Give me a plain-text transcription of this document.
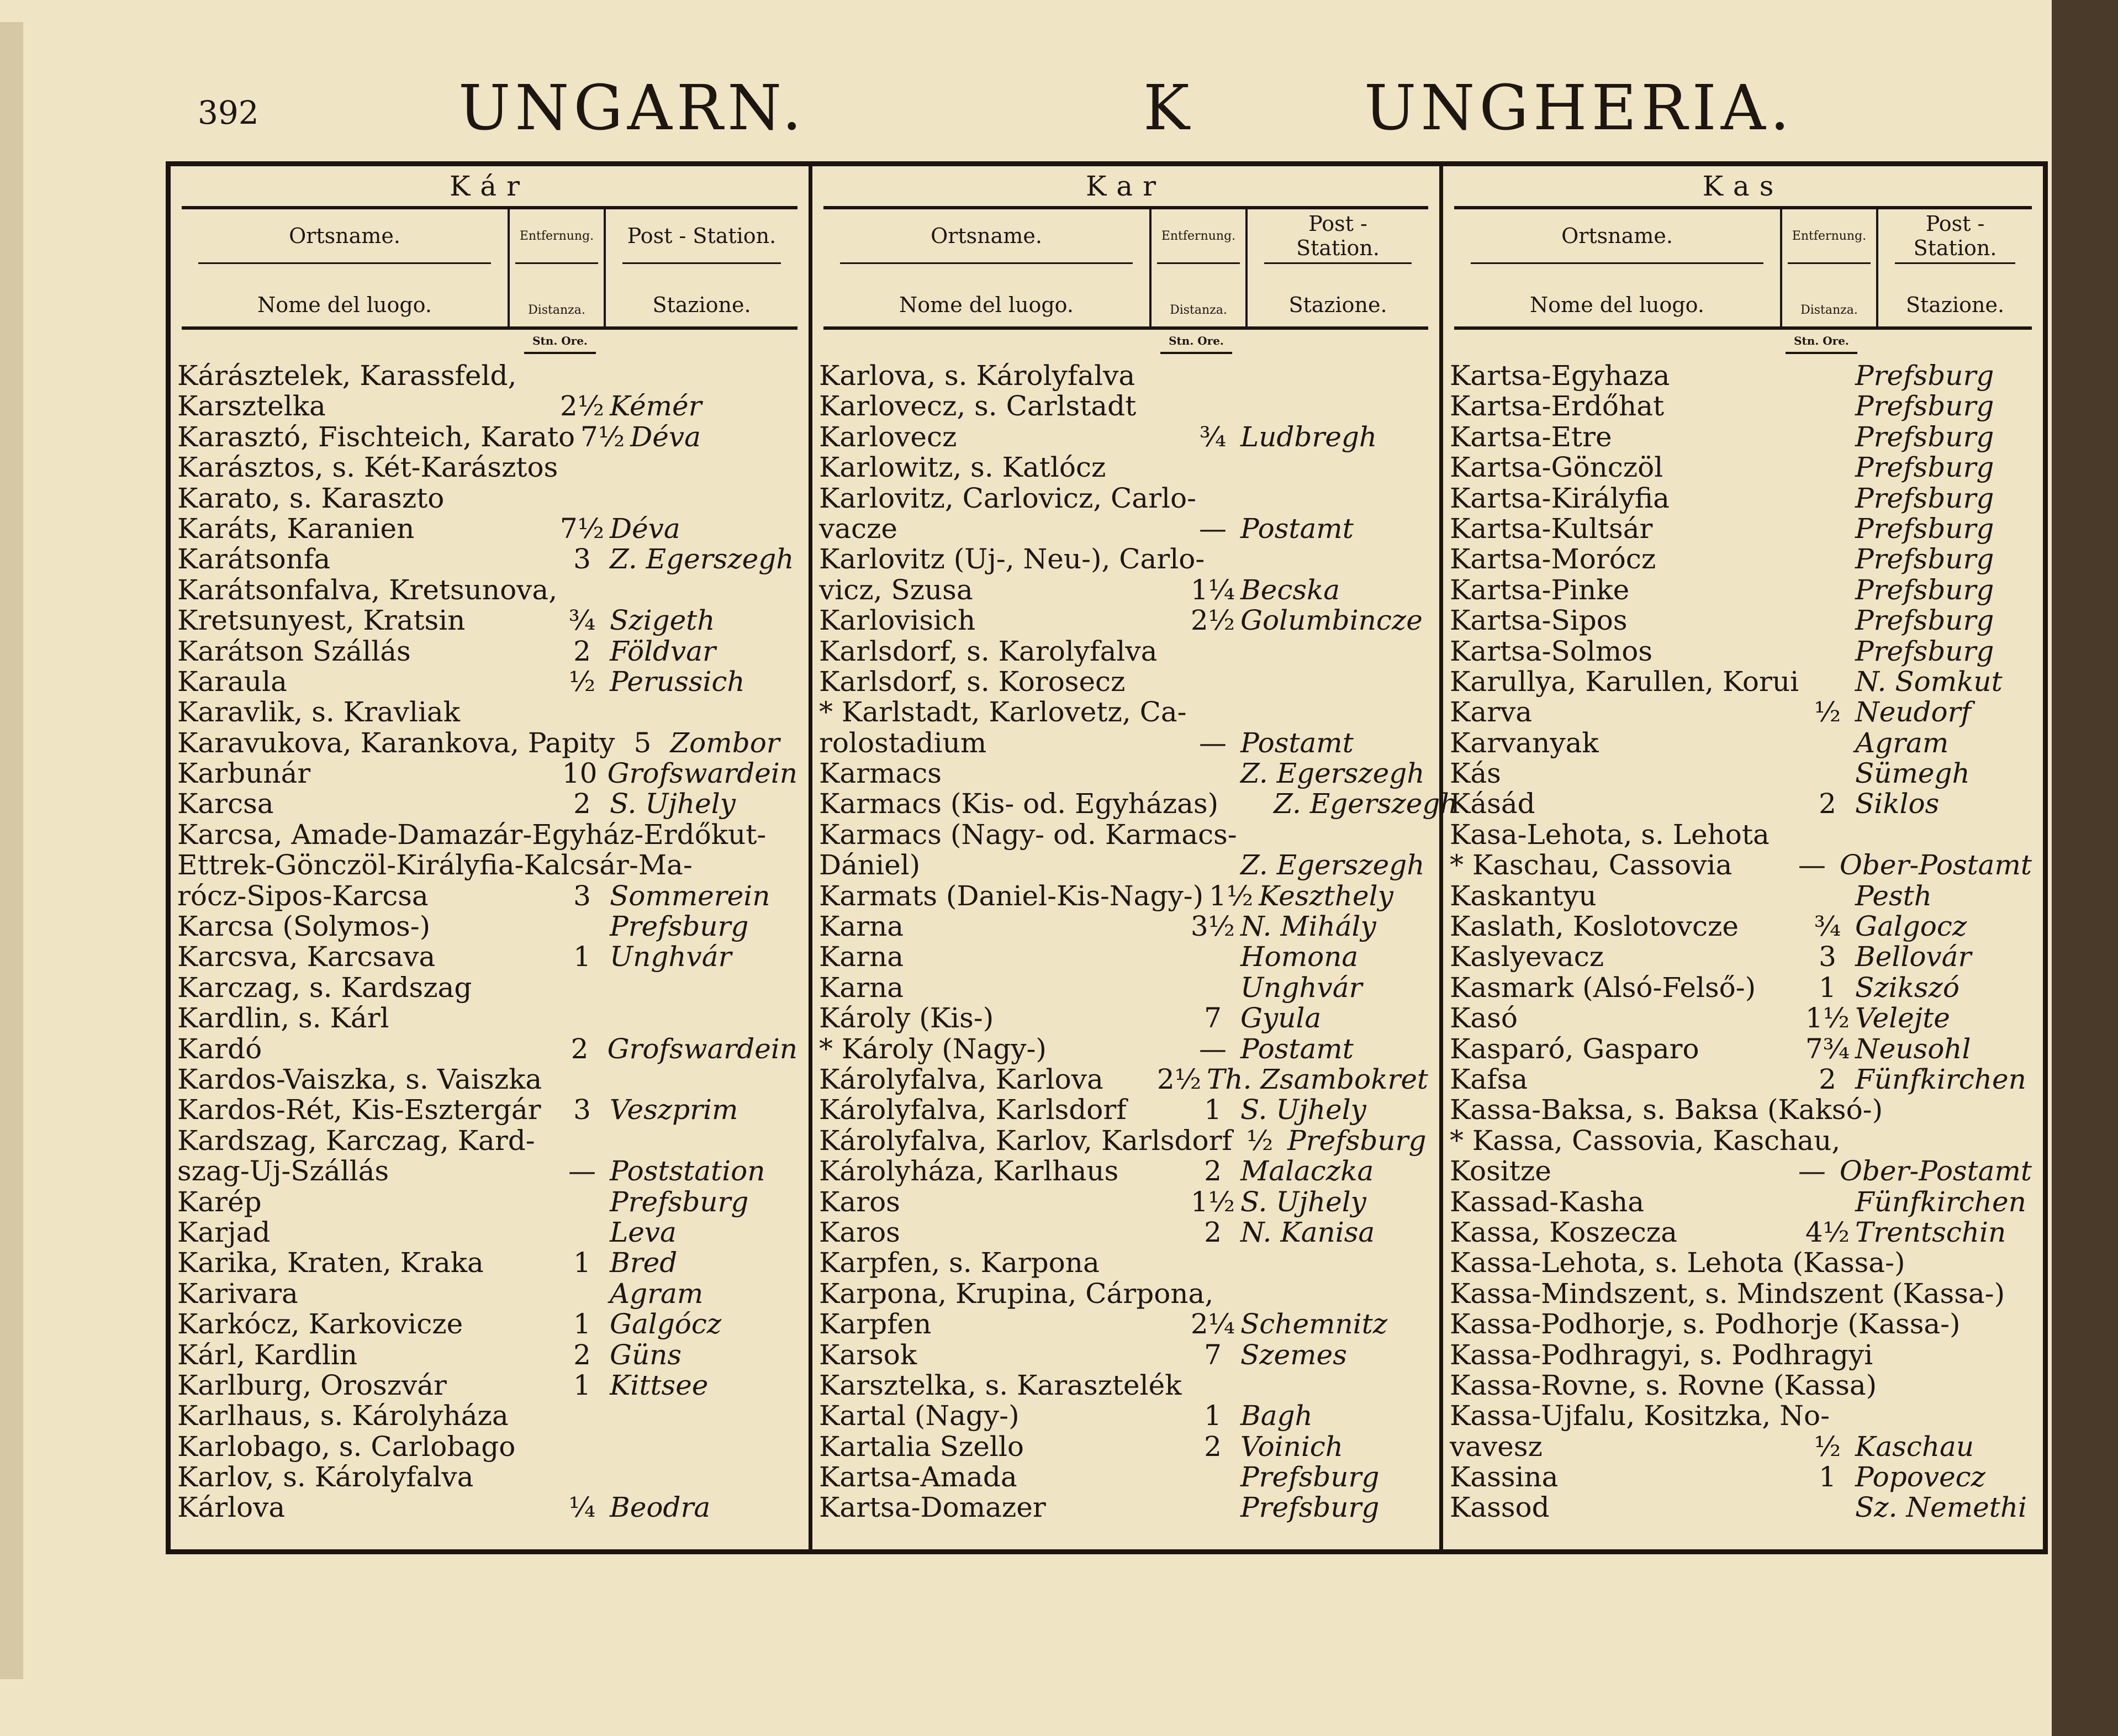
392	UNGARN.	K	UNGHERIA.
Kár
Ortsname.
Nome del luogo.
Entfernung.
Distanza.
Post - Station.
Stazione.
Stn. Ore.
Kárásztelek, Karassfeld,
Karsztelka	2½ Kémér
Karasztó, Fischteich, Karato 7½ Déva
Karásztos, s. Két-Karásztos
Karato, s. Karaszto
Karáts, Karanien	7½ Déva
Karátsonfa	3 Z. Egerszegh
Karátsonfalva, Kretsunova,
Kretsunyest, Kratsin	¾ Szigeth
Karátson Szállás	2 Földvar
Karaula	½ Perussich
Karavlik, s. Kravliak
Karavukova, Karankova, Papity 5 Zombor
Karbunár	10 Grofswardein
Karcsa	2 S. Ujhely
Karcsa, Amade-Damazár-Egyház-Erdőkut-
Ettrek-Gönczöl-Királyfia-Kalcsár-Ma-
rócz-Sipos-Karcsa	3 Sommerein
Karcsa (Solymos-)	Prefsburg
Karcsva, Karcsava	1 Unghvár
Karczag, s. Kardszag
Kardlin, s. Kárl
Kardó	2 Grofswardein
Kardos-Vaiszka, s. Vaiszka
Kardos-Rét, Kis-Esztergár	3 Veszprim
Kardszag, Karczag, Kard-
szag-Uj-Szállás	— Poststation
Karép	Prefsburg
Karjad	Leva
Karika, Kraten, Kraka	1 Bred
Karivara	Agram
Karkócz, Karkovicze	1 Galgócz
Kárl, Kardlin	2 Güns
Karlburg, Oroszvár	1 Kittsee
Karlhaus, s. Károlyháza
Karlobago, s. Carlobago
Karlov, s. Károlyfalva
Kárlova	¼ Beodra
Kar
Ortsname.
Nome del luogo.
Entfernung.
Distanza.
Post - Station.
Stazione.
Stn. Ore.
Karlova, s. Károlyfalva
Karlovecz, s. Carlstadt
Karlovecz	¾ Ludbregh
Karlowitz, s. Katlócz
Karlovitz, Carlovicz, Carlo-
vacze	— Postamt
Karlovitz (Uj-, Neu-), Carlo-
vicz, Szusa	1¼ Becska
Karlovisich	2½ Golumbincze
Karlsdorf, s. Karolyfalva
Karlsdorf, s. Korosecz
* Karlstadt, Karlovetz, Ca-
rolostadium	— Postamt
Karmacs	Z. Egerszegh
Karmacs (Kis- od. Egyházas) Z. Egerszegh
Karmacs (Nagy- od. Karmacs-
Dániel)	Z. Egerszegh
Karmats (Daniel-Kis-Nagy-) 1½ Keszthely
Karna	3½ N. Mihály
Karna	Homona
Karna	Unghvár
Károly (Kis-)	7 Gyula
* Károly (Nagy-)	— Postamt
Károlyfalva, Karlova	2½ Th. Zsambokret
Károlyfalva, Karlsdorf	1 S. Ujhely
Károlyfalva, Karlov, Karlsdorf ½ Prefsburg
Károlyháza, Karlhaus	2 Malaczka
Karos	1½ S. Ujhely
Karos	2 N. Kanisa
Karpfen, s. Karpona
Karpona, Krupina, Cárpona,
Karpfen	2¼ Schemnitz
Karsok	7 Szemes
Karsztelka, s. Karasztelék
Kartal (Nagy-)	1 Bagh
Kartalia Szello	2 Voinich
Kartsa-Amada	Prefsburg
Kartsa-Domazer	Prefsburg
Kas
Ortsname.
Nome del luogo.
Entfernung.
Distanza.
Post - Station.
Stazione.
Stn. Ore.
Kartsa-Egyhaza	Prefsburg
Kartsa-Erdőhat	Prefsburg
Kartsa-Etre	Prefsburg
Kartsa-Gönczöl	Prefsburg
Kartsa-Királyfia	Prefsburg
Kartsa-Kultsár	Prefsburg
Kartsa-Morócz	Prefsburg
Kartsa-Pinke	Prefsburg
Kartsa-Sipos	Prefsburg
Kartsa-Solmos	Prefsburg
Karullya, Karullen, Korui N. Somkut
Karva	½ Neudorf
Karvanyak	Agram
Kás	Sümegh
Kásád	2 Siklos
Kasa-Lehota, s. Lehota
* Kaschau, Cassovia	— Ober-Postamt
Kaskantyu	Pesth
Kaslath, Koslotovcze	¾ Galgocz
Kaslyevacz	3 Bellovár
Kasmark (Alsó-Felső-)	1 Szikszó
Kasó	1½ Velejte
Kasparó, Gasparo	7¾ Neusohl
Kafsa	2 Fünfkirchen
Kassa-Baksa, s. Baksa (Kaksó-)
* Kassa, Cassovia, Kaschau,
Kositze	— Ober-Postamt
Kassad-Kasha	Fünfkirchen
Kassa, Koszecza	4½ Trentschin
Kassa-Lehota, s. Lehota (Kassa-)
Kassa-Mindszent, s. Mindszent (Kassa-)
Kassa-Podhorje, s. Podhorje (Kassa-)
Kassa-Podhragyi, s. Podhragyi
Kassa-Rovne, s. Rovne (Kassa)
Kassa-Ujfalu, Kositzka, No-
vavesz	½ Kaschau
Kassina	1 Popovecz
Kassod	Sz. Nemethi
